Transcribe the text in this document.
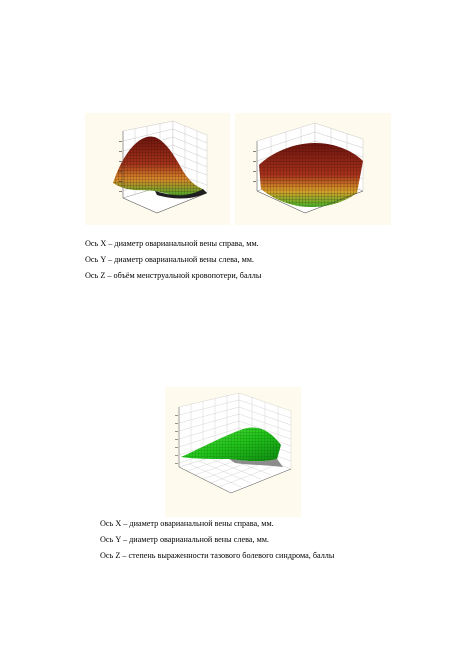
Ось X – диаметр оварианальной вены справа, мм.
Ось Y – диаметр оварианальной вены слева, мм.
Ось Z – объём менструальной кровопотери, баллы
Ось X – диаметр оварианальной вены справа, мм.
Ось Y – диаметр оварианальной вены слева, мм.
Ось Z – степень выраженности тазового болевого синдрома, баллы
